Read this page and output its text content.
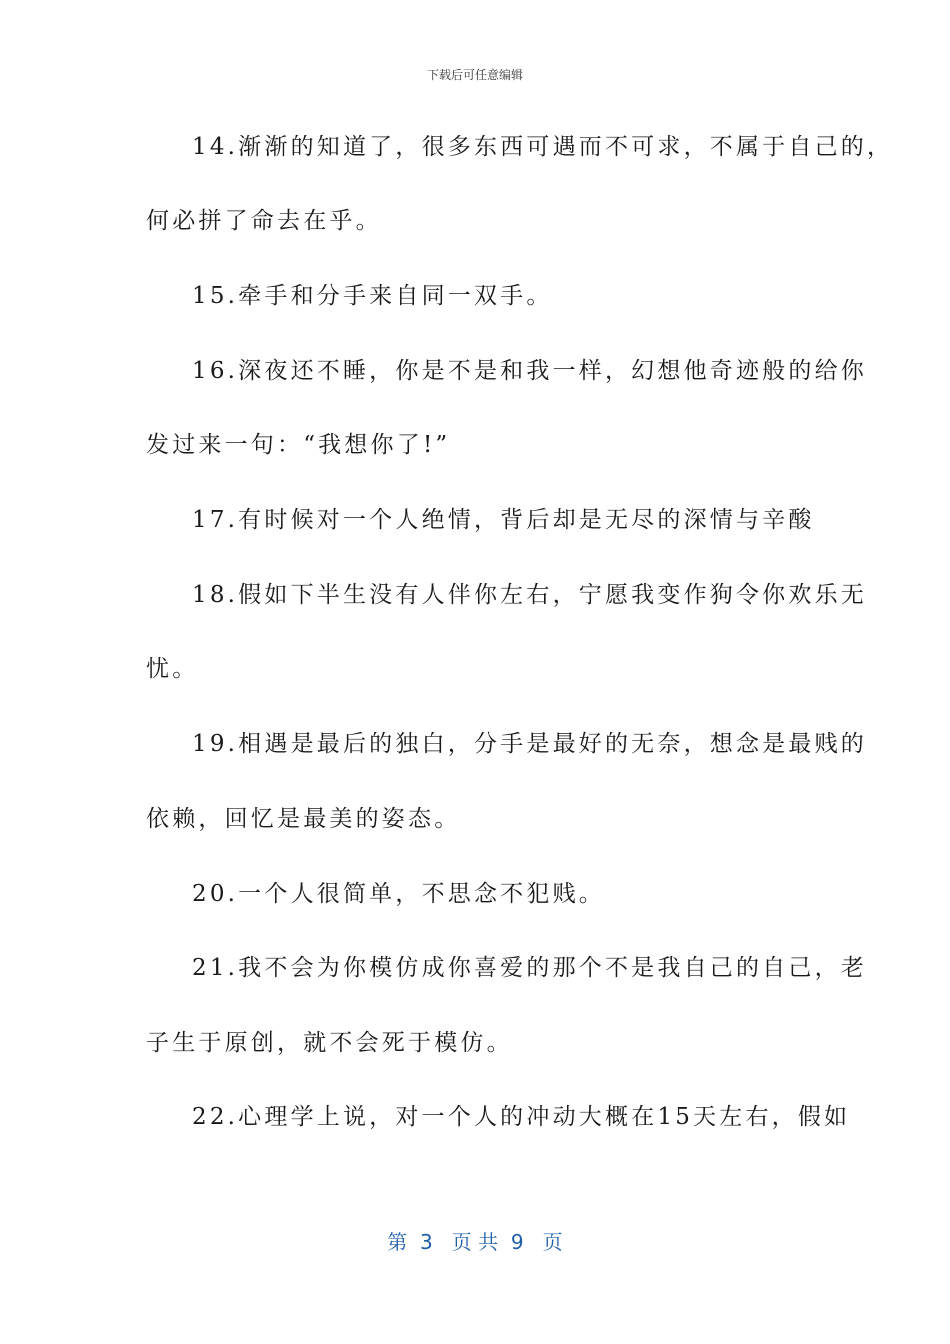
下载后可任意编辑
14.渐渐的知道了，很多东西可遇而不可求，不属于自己的，
何必拼了命去在乎。
15.牵手和分手来自同一双手。
16.深夜还不睡，你是不是和我一样，幻想他奇迹般的给你
发过来一句：“我想你了!”
17.有时候对一个人绝情，背后却是无尽的深情与辛酸
18.假如下半生没有人伴你左右，宁愿我变作狗令你欢乐无
忧。
19.相遇是最后的独白，分手是最好的无奈，想念是最贱的
依赖，回忆是最美的姿态。
20.一个人很简单，不思念不犯贱。
21.我不会为你模仿成你喜爱的那个不是我自己的自己，老
子生于原创，就不会死于模仿。
22.心理学上说，对一个人的冲动大概在15天左右，假如
第  3   页 共  9   页
